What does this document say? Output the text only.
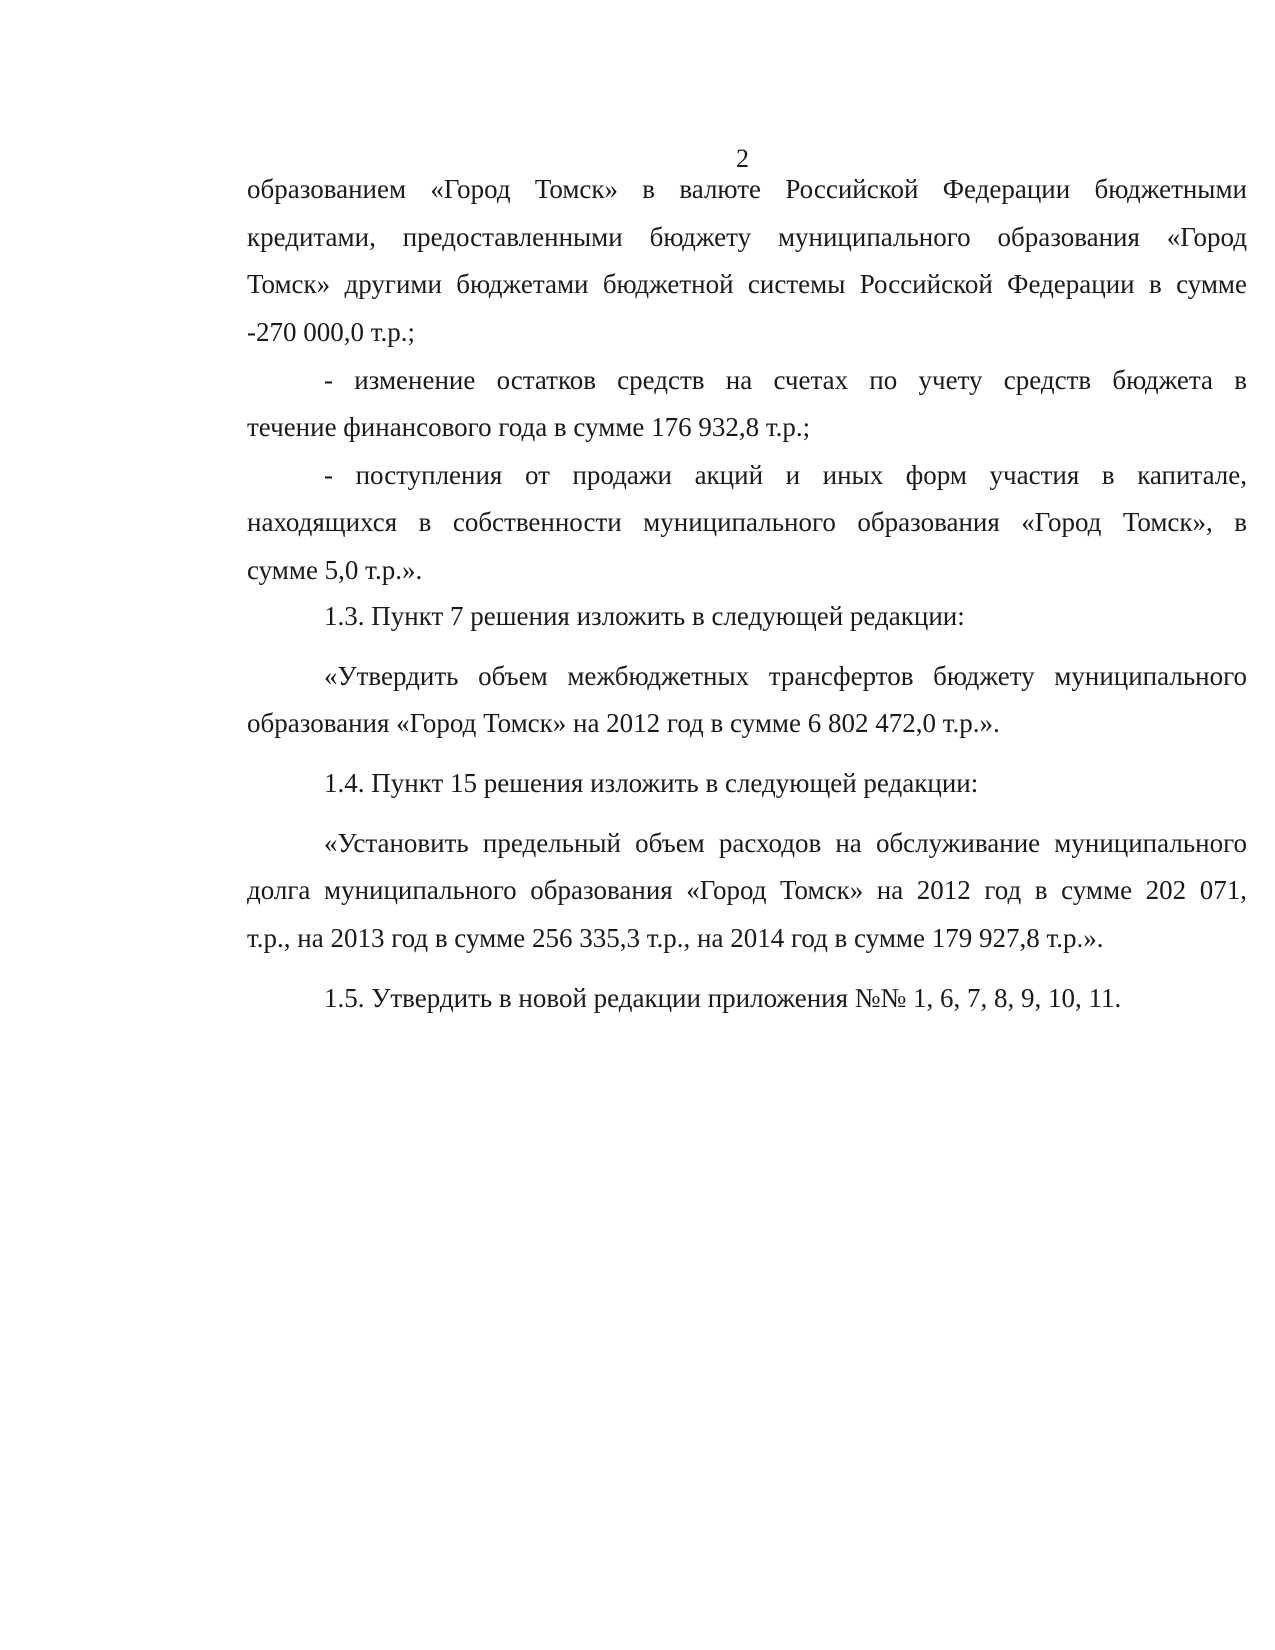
2
образованием «Город Томск» в валюте Российской Федерации бюджетными
кредитами, предоставленными бюджету муниципального образования «Город
Томск» другими бюджетами бюджетной системы Российской Федерации в сумме
-270 000,0 т.р.;
- изменение остатков средств на счетах по учету средств бюджета в
течение финансового года в сумме 176 932,8 т.р.;
- поступления от продажи акций и иных форм участия в капитале,
находящихся в собственности муниципального образования «Город Томск», в
сумме 5,0 т.р.».
1.3. Пункт 7 решения изложить в следующей редакции:
«Утвердить объем межбюджетных трансфертов бюджету муниципального
образования «Город Томск» на 2012 год в сумме 6 802 472,0 т.р.».
1.4. Пункт 15 решения изложить в следующей редакции:
«Установить предельный объем расходов на обслуживание муниципального
долга муниципального образования «Город Томск» на 2012 год в сумме 202 071,
т.р., на 2013 год в сумме 256 335,3 т.р., на 2014 год в сумме 179 927,8 т.р.».
1.5. Утвердить в новой редакции приложения №№ 1, 6, 7, 8, 9, 10, 11.
